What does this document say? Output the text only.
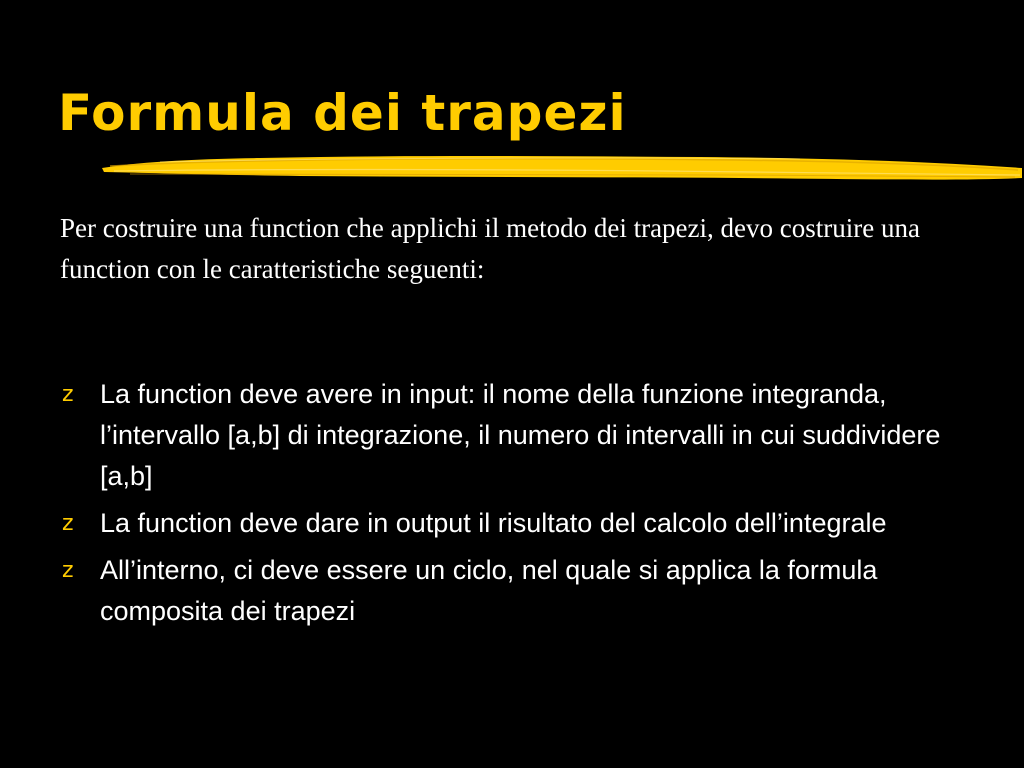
Formula dei trapezi

Per costruire una function che applichi il metodo dei trapezi, devo costruire una function con le caratteristiche seguenti:

z La function deve avere in input: il nome della funzione integranda, l’intervallo [a,b] di integrazione, il numero di intervalli in cui suddividere [a,b]
z La function deve dare in output il risultato del calcolo dell’integrale
z All’interno, ci deve essere un ciclo, nel quale si applica la formula composita dei trapezi
